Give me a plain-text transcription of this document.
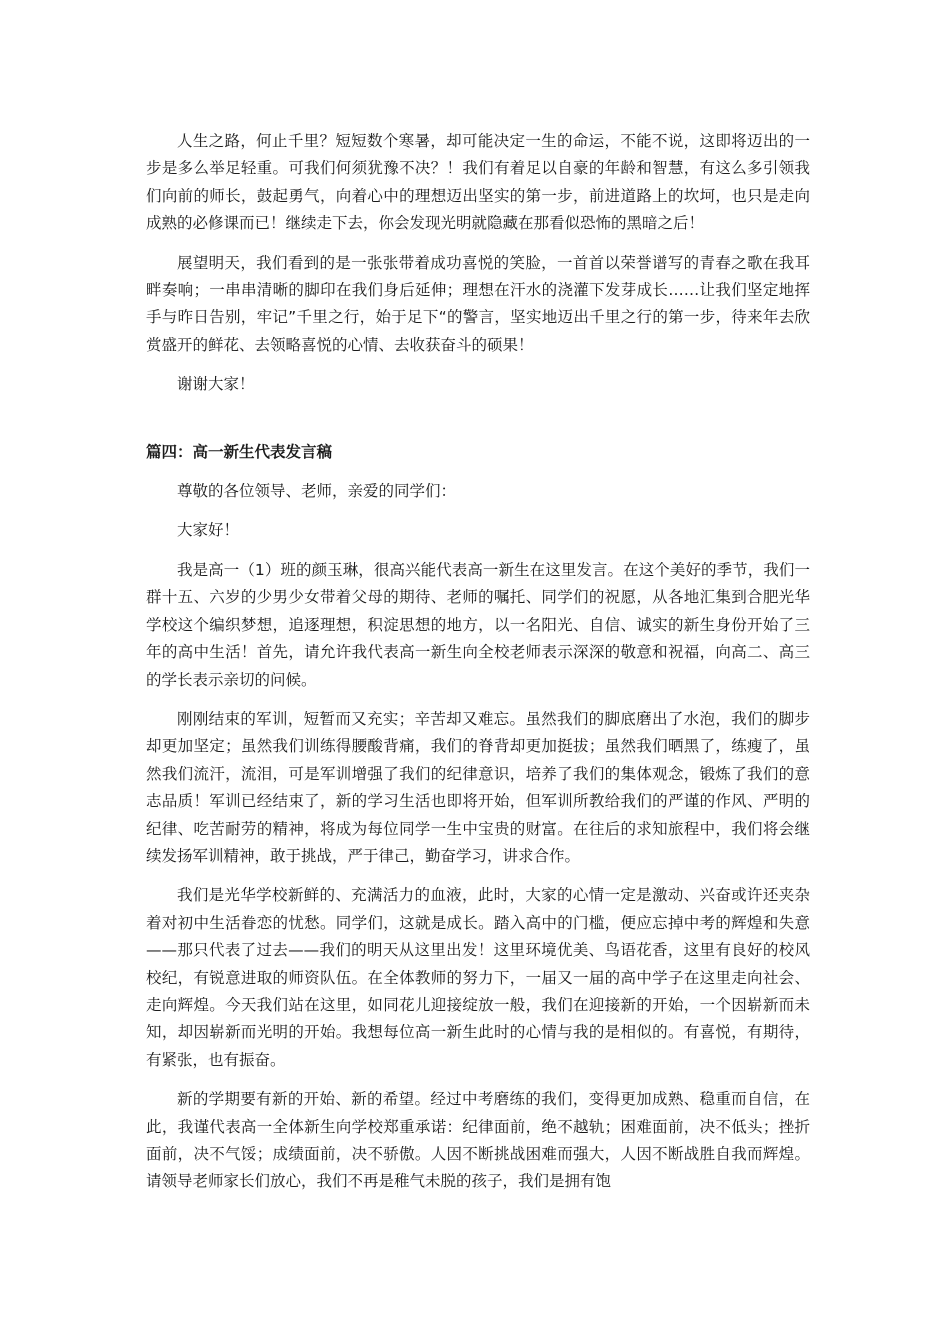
人生之路，何止千里？短短数个寒暑，却可能决定一生的命运，不能不说，这即将迈出的一步是多么举足轻重。可我们何须犹豫不决？！我们有着足以自豪的年龄和智慧，有这么多引领我们向前的师长，鼓起勇气，向着心中的理想迈出坚实的第一步，前进道路上的坎坷，也只是走向成熟的必修课而已！继续走下去，你会发现光明就隐藏在那看似恐怖的黑暗之后！

展望明天，我们看到的是一张张带着成功喜悦的笑脸，一首首以荣誉谱写的青春之歌在我耳畔奏响；一串串清晰的脚印在我们身后延伸；理想在汗水的浇灌下发芽成长……让我们坚定地挥手与昨日告别，牢记”千里之行，始于足下“的警言，坚实地迈出千里之行的第一步，待来年去欣赏盛开的鲜花、去领略喜悦的心情、去收获奋斗的硕果！

谢谢大家！

篇四：高一新生代表发言稿

尊敬的各位领导、老师，亲爱的同学们：

大家好！

我是高一（1）班的颜玉琳，很高兴能代表高一新生在这里发言。在这个美好的季节，我们一群十五、六岁的少男少女带着父母的期待、老师的嘱托、同学们的祝愿，从各地汇集到合肥光华学校这个编织梦想，追逐理想，积淀思想的地方，以一名阳光、自信、诚实的新生身份开始了三年的高中生活！首先，请允许我代表高一新生向全校老师表示深深的敬意和祝福，向高二、高三的学长表示亲切的问候。

刚刚结束的军训，短暂而又充实；辛苦却又难忘。虽然我们的脚底磨出了水泡，我们的脚步却更加坚定；虽然我们训练得腰酸背痛，我们的脊背却更加挺拔；虽然我们晒黑了，练瘦了，虽然我们流汗，流泪，可是军训增强了我们的纪律意识，培养了我们的集体观念，锻炼了我们的意志品质！军训已经结束了，新的学习生活也即将开始，但军训所教给我们的严谨的作风、严明的纪律、吃苦耐劳的精神，将成为每位同学一生中宝贵的财富。在往后的求知旅程中，我们将会继续发扬军训精神，敢于挑战，严于律己，勤奋学习，讲求合作。

我们是光华学校新鲜的、充满活力的血液，此时，大家的心情一定是激动、兴奋或许还夹杂着对初中生活眷恋的忧愁。同学们，这就是成长。踏入高中的门槛，便应忘掉中考的辉煌和失意——那只代表了过去——我们的明天从这里出发！这里环境优美、鸟语花香，这里有良好的校风校纪，有锐意进取的师资队伍。在全体教师的努力下，一届又一届的高中学子在这里走向社会、走向辉煌。今天我们站在这里，如同花儿迎接绽放一般，我们在迎接新的开始，一个因崭新而未知，却因崭新而光明的开始。我想每位高一新生此时的心情与我的是相似的。有喜悦，有期待，有紧张，也有振奋。

新的学期要有新的开始、新的希望。经过中考磨练的我们，变得更加成熟、稳重而自信，在此，我谨代表高一全体新生向学校郑重承诺：纪律面前，绝不越轨；困难面前，决不低头；挫折面前，决不气馁；成绩面前，决不骄傲。人因不断挑战困难而强大，人因不断战胜自我而辉煌。请领导老师家长们放心，我们不再是稚气未脱的孩子，我们是拥有饱
